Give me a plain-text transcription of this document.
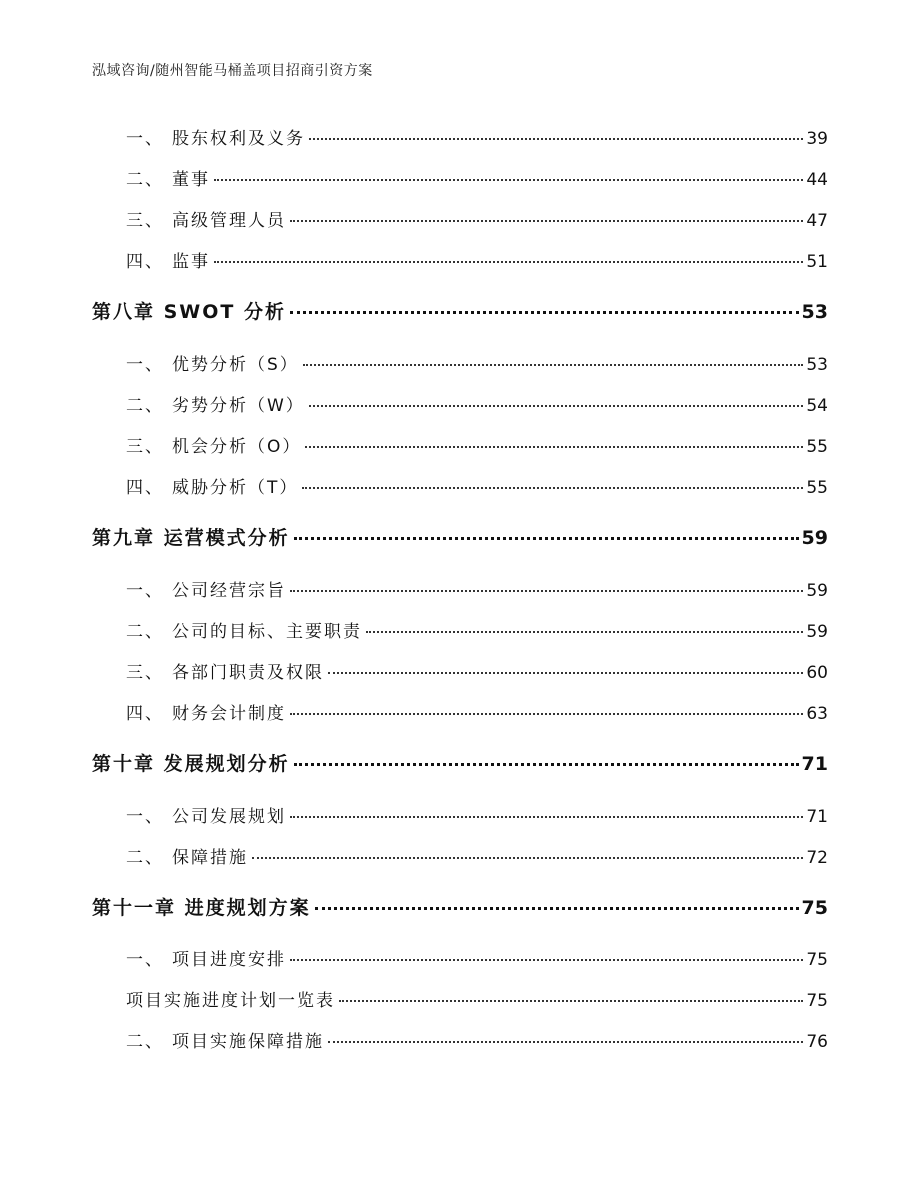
泓域咨询/随州智能马桶盖项目招商引资方案
一、 股东权利及义务	39
二、 董事	44
三、 高级管理人员	47
四、 监事	51
第八章 SWOT 分析	53
一、 优势分析（S）	53
二、 劣势分析（W）	54
三、 机会分析（O）	55
四、 威胁分析（T）	55
第九章 运营模式分析	59
一、 公司经营宗旨	59
二、 公司的目标、主要职责	59
三、 各部门职责及权限	60
四、 财务会计制度	63
第十章 发展规划分析	71
一、 公司发展规划	71
二、 保障措施	72
第十一章 进度规划方案	75
一、 项目进度安排	75
项目实施进度计划一览表	75
二、 项目实施保障措施	76
